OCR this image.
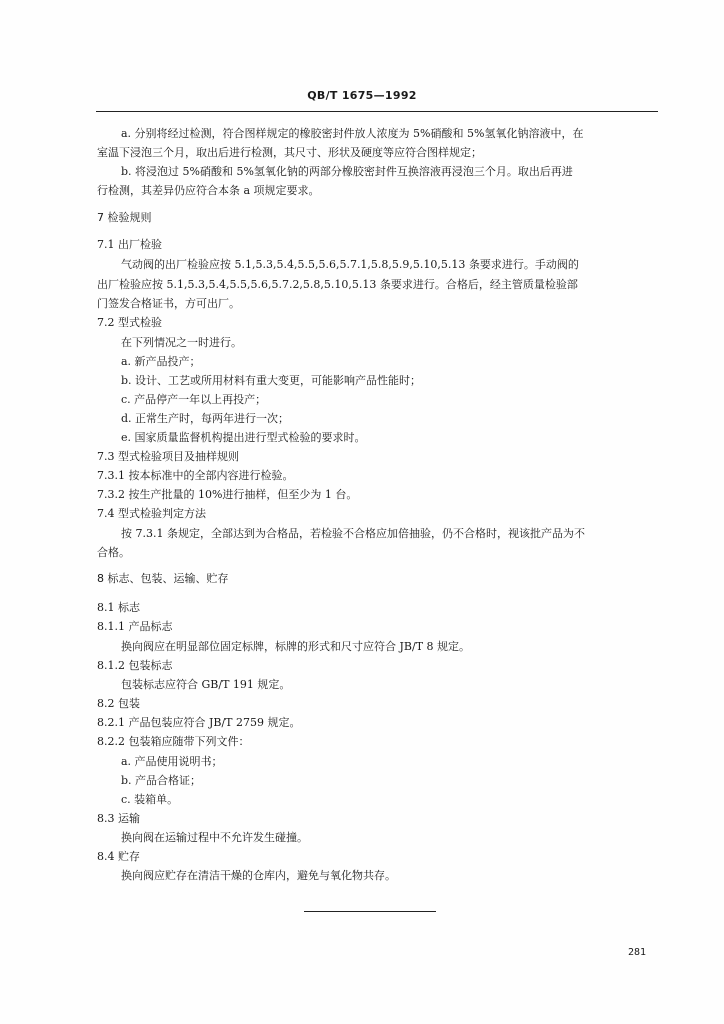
QB/T 1675—1992
a. 分别将经过检测，符合图样规定的橡胶密封件放人浓度为 5%硝酸和 5%氢氧化钠溶液中，在
室温下浸泡三个月，取出后进行检测，其尺寸、形状及硬度等应符合图样规定；
b. 将浸泡过 5%硝酸和 5%氢氧化钠的两部分橡胶密封件互换溶液再浸泡三个月。取出后再进
行检测，其差异仍应符合本条 a 项规定要求。
7 检验规则
7.1 出厂检验
气动阀的出厂检验应按 5.1,5.3,5.4,5.5,5.6,5.7.1,5.8,5.9,5.10,5.13 条要求进行。手动阀的
出厂检验应按 5.1,5.3,5.4,5.5,5.6,5.7.2,5.8,5.10,5.13 条要求进行。合格后，经主管质量检验部
门签发合格证书，方可出厂。
7.2 型式检验
在下列情况之一时进行。
a. 新产品投产；
b. 设计、工艺或所用材料有重大变更，可能影响产品性能时；
c. 产品停产一年以上再投产；
d. 正常生产时，每两年进行一次；
e. 国家质量监督机构提出进行型式检验的要求时。
7.3 型式检验项目及抽样规则
7.3.1 按本标准中的全部内容进行检验。
7.3.2 按生产批量的 10%进行抽样，但至少为 1 台。
7.4 型式检验判定方法
按 7.3.1 条规定，全部达到为合格品，若检验不合格应加倍抽验，仍不合格时，视该批产品为不
合格。
8 标志、包装、运输、贮存
8.1 标志
8.1.1 产品标志
换向阀应在明显部位固定标牌，标牌的形式和尺寸应符合 JB/T 8 规定。
8.1.2 包装标志
包装标志应符合 GB/T 191 规定。
8.2 包装
8.2.1 产品包装应符合 JB/T 2759 规定。
8.2.2 包装箱应随带下列文件：
a. 产品使用说明书；
b. 产品合格证；
c. 装箱单。
8.3 运输
换向阀在运输过程中不允许发生碰撞。
8.4 贮存
换向阀应贮存在清洁干燥的仓库内，避免与氧化物共存。
281
